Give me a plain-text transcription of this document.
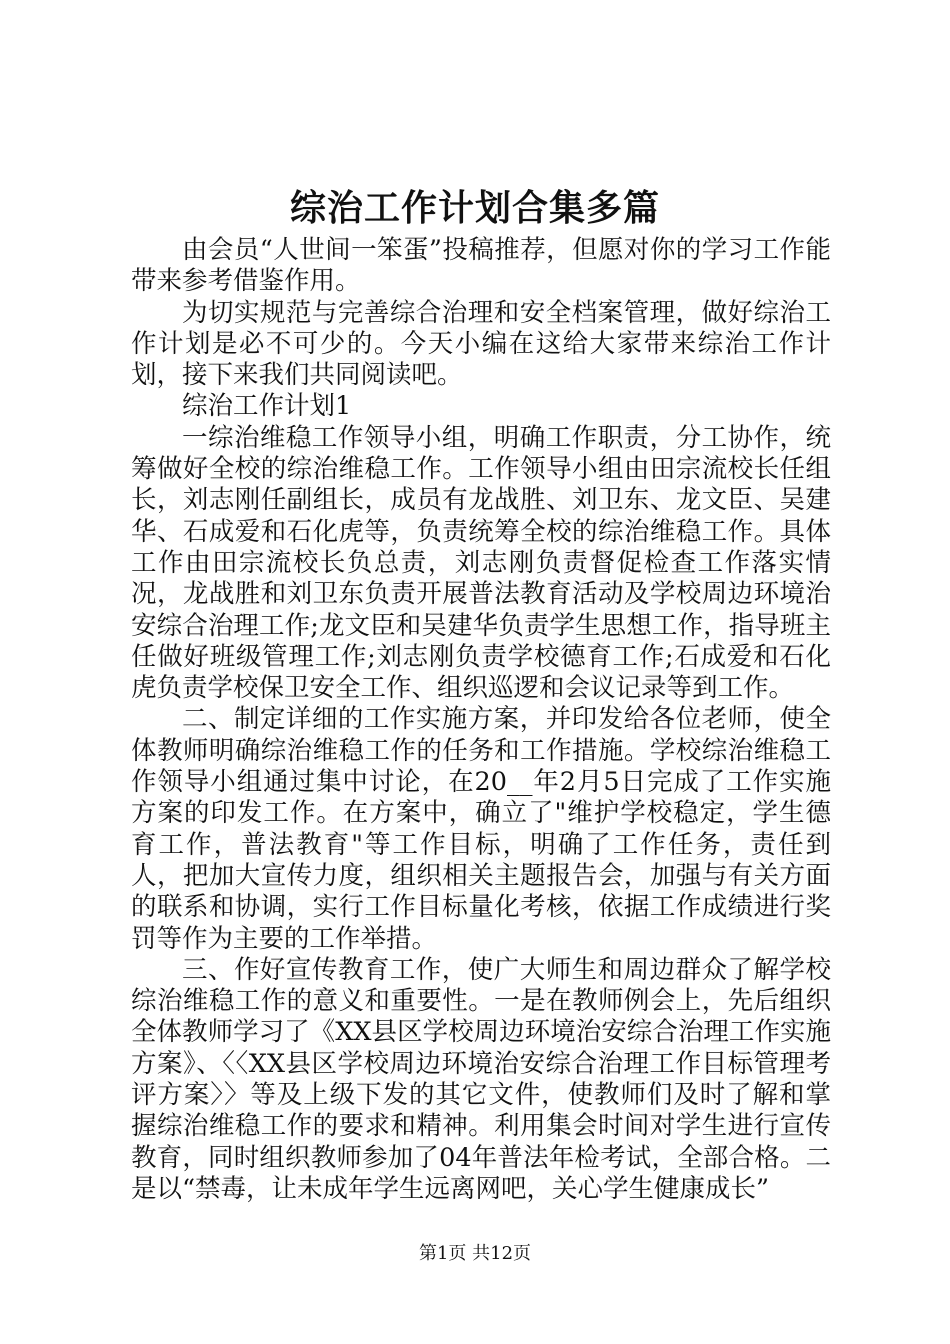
综治工作计划合集多篇

由会员“人世间一笨蛋”投稿推荐，但愿对你的学习工作能带来参考借鉴作用。

为切实规范与完善综合治理和安全档案管理，做好综治工作计划是必不可少的。今天小编在这给大家带来综治工作计划，接下来我们共同阅读吧。

综治工作计划1

一综治维稳工作领导小组，明确工作职责，分工协作，统筹做好全校的综治维稳工作。工作领导小组由田宗流校长任组长，刘志刚任副组长，成员有龙战胜、刘卫东、龙文臣、吴建华、石成爱和石化虎等，负责统筹全校的综治维稳工作。具体工作由田宗流校长负总责，刘志刚负责督促检查工作落实情况，龙战胜和刘卫东负责开展普法教育活动及学校周边环境治安综合治理工作;龙文臣和吴建华负责学生思想工作，指导班主任做好班级管理工作;刘志刚负责学校德育工作;石成爱和石化虎负责学校保卫安全工作、组织巡逻和会议记录等到工作。

二、制定详细的工作实施方案，并印发给各位老师，使全体教师明确综治维稳工作的任务和工作措施。学校综治维稳工作领导小组通过集中讨论，在20__年2月5日完成了工作实施方案的印发工作。在方案中，确立了"维护学校稳定，学生德育工作，普法教育"等工作目标，明确了工作任务，责任到人，把加大宣传力度，组织相关主题报告会，加强与有关方面的联系和协调，实行工作目标量化考核，依据工作成绩进行奖罚等作为主要的工作举措。

三、作好宣传教育工作，使广大师生和周边群众了解学校综治维稳工作的意义和重要性。一是在教师例会上，先后组织全体教师学习了《XX县区学校周边环境治安综合治理工作实施方案》、〈〈XX县区学校周边环境治安综合治理工作目标管理考评方案〉〉等及上级下发的其它文件，使教师们及时了解和掌握综治维稳工作的要求和精神。利用集会时间对学生进行宣传教育，同时组织教师参加了04年普法年检考试，全部合格。二是以“禁毒，让未成年学生远离网吧，关心学生健康成长”

第1页 共12页
